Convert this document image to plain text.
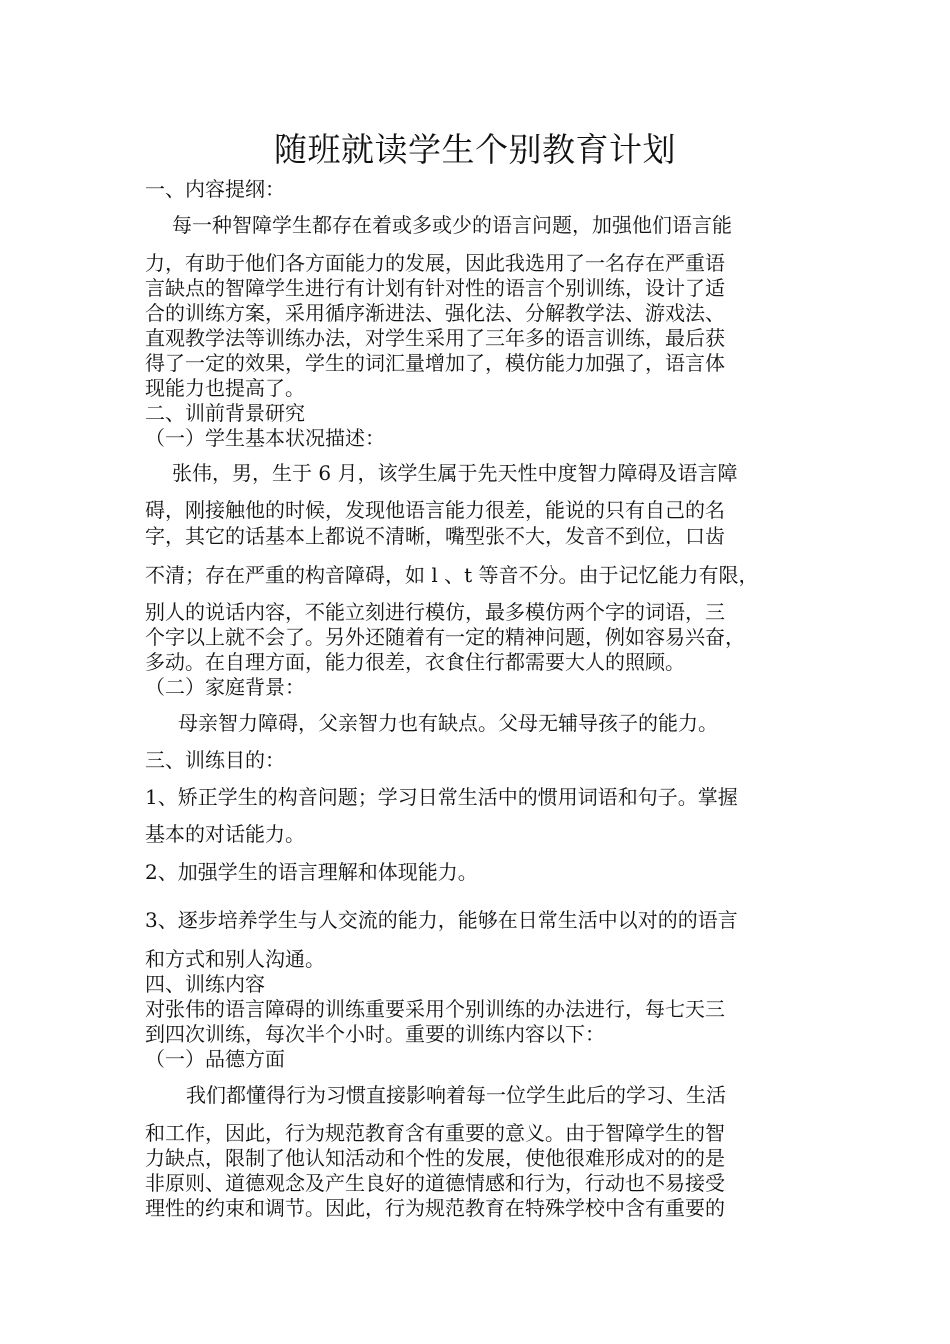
随班就读学生个别教育计划
一、内容提纲：
每一种智障学生都存在着或多或少的语言问题，加强他们语言能
力，有助于他们各方面能力的发展，因此我选用了一名存在严重语
言缺点的智障学生进行有计划有针对性的语言个别训练，设计了适
合的训练方案，采用循序渐进法、强化法、分解教学法、游戏法、
直观教学法等训练办法，对学生采用了三年多的语言训练，最后获
得了一定的效果，学生的词汇量增加了，模仿能力加强了，语言体
现能力也提高了。
二、训前背景研究
（一）学生基本状况描述：
张伟，男，生于 6 月，该学生属于先天性中度智力障碍及语言障
碍，刚接触他的时候，发现他语言能力很差，能说的只有自己的名
字，其它的话基本上都说不清晰，嘴型张不大，发音不到位，口齿
不清；存在严重的构音障碍，如 l 、t 等音不分。由于记忆能力有限，
别人的说话内容，不能立刻进行模仿，最多模仿两个字的词语，三
个字以上就不会了。另外还随着有一定的精神问题，例如容易兴奋，
多动。在自理方面，能力很差，衣食住行都需要大人的照顾。
（二）家庭背景：
母亲智力障碍，父亲智力也有缺点。父母无辅导孩子的能力。
三、训练目的：
1、矫正学生的构音问题；学习日常生活中的惯用词语和句子。掌握
基本的对话能力。
2、加强学生的语言理解和体现能力。
3、逐步培养学生与人交流的能力，能够在日常生活中以对的的语言
和方式和别人沟通。
四、训练内容
对张伟的语言障碍的训练重要采用个别训练的办法进行，每七天三
到四次训练，每次半个小时。重要的训练内容以下：
（一）品德方面
我们都懂得行为习惯直接影响着每一位学生此后的学习、生活
和工作，因此，行为规范教育含有重要的意义。由于智障学生的智
力缺点，限制了他认知活动和个性的发展，使他很难形成对的的是
非原则、道德观念及产生良好的道德情感和行为，行动也不易接受
理性的约束和调节。因此，行为规范教育在特殊学校中含有重要的
